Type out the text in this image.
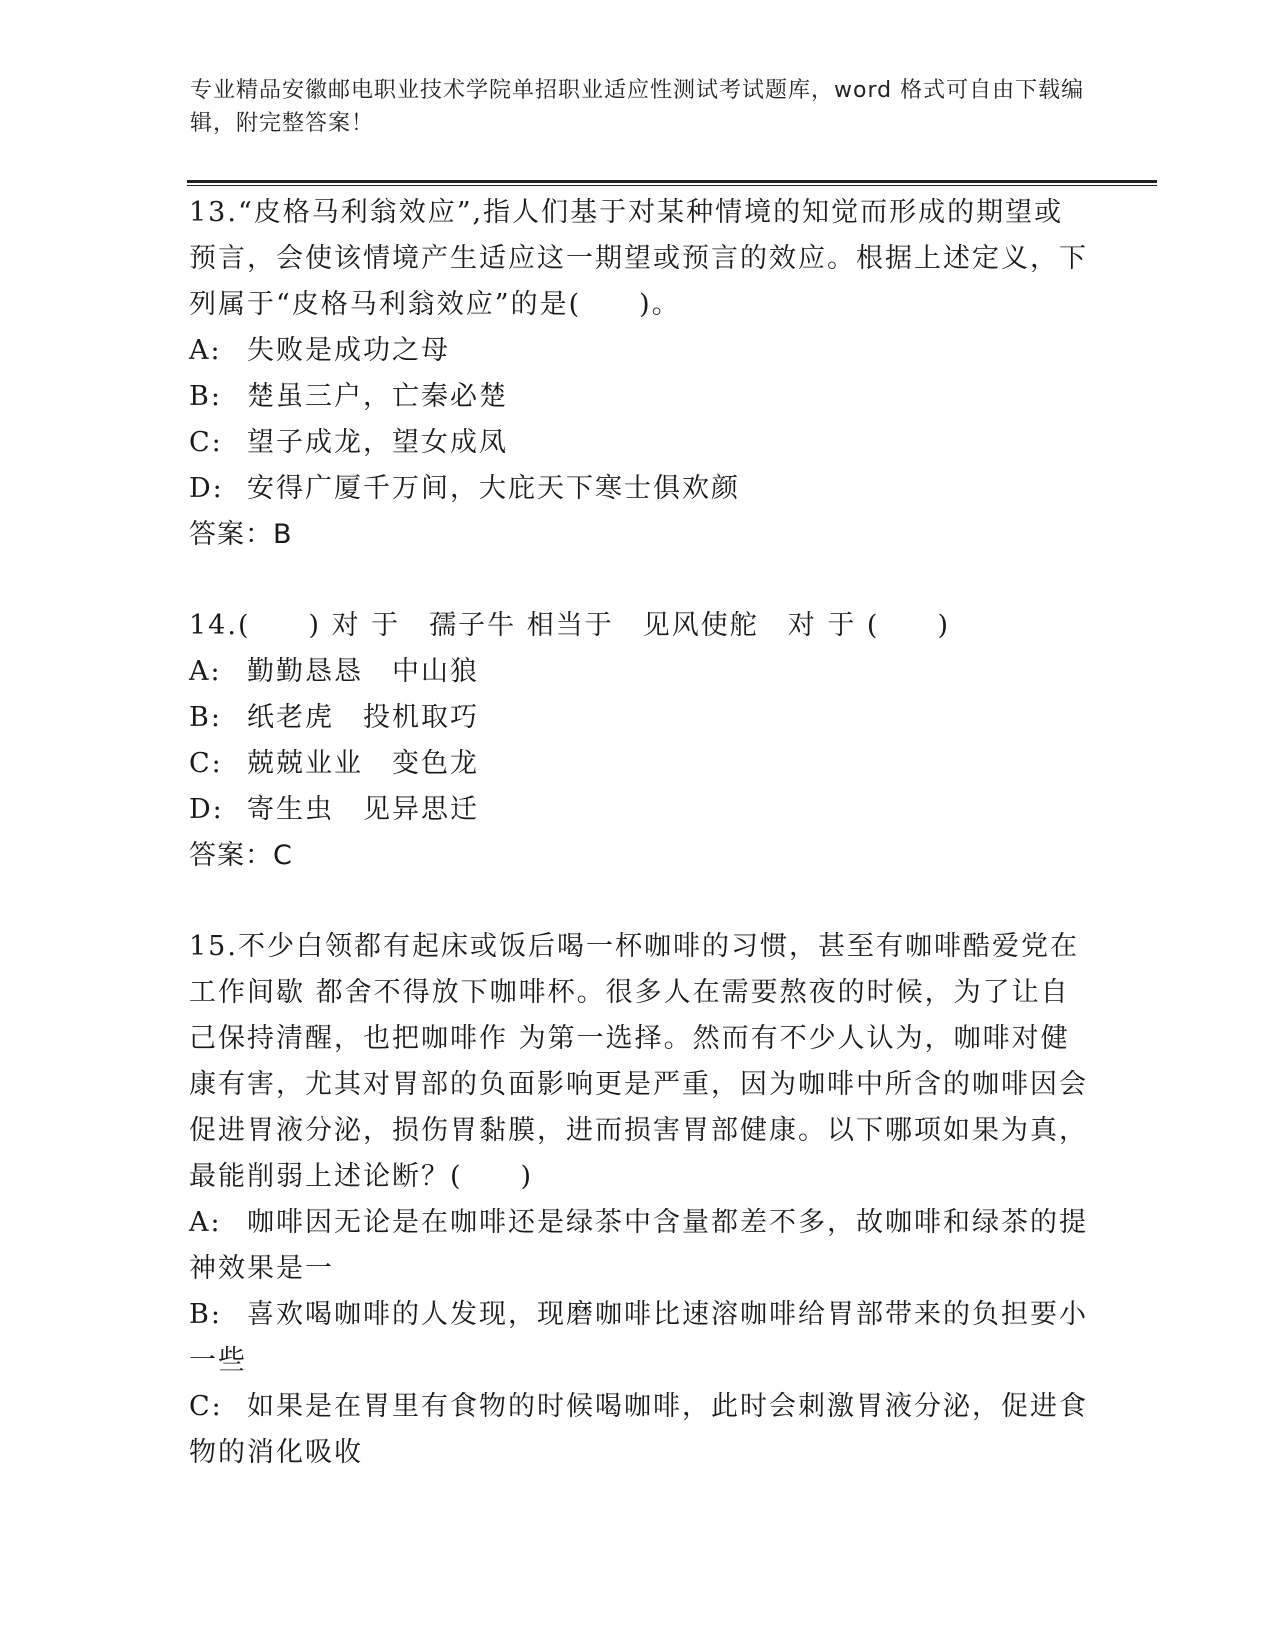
专业精品安徽邮电职业技术学院单招职业适应性测试考试题库，word 格式可自由下载编辑，附完整答案！

13.“皮格马利翁效应”,指人们基于对某种情境的知觉而形成的期望或预言，会使该情境产生适应这一期望或预言的效应。根据上述定义，下列属于“皮格马利翁效应”的是(　　)。

A: 失败是成功之母

B: 楚虽三户，亡秦必楚

C: 望子成龙，望女成凤

D: 安得广厦千万间，大庇天下寒士俱欢颜

答案：B

14.(　　) 对 于　孺子牛 相当于　见风使舵　对 于 (　　)

A: 勤勤恳恳　中山狼

B: 纸老虎　投机取巧

C: 兢兢业业　变色龙

D: 寄生虫　见异思迁

答案：C

15.不少白领都有起床或饭后喝一杯咖啡的习惯，甚至有咖啡酷爱党在工作间歇 都舍不得放下咖啡杯。很多人在需要熬夜的时候，为了让自己保持清醒，也把咖啡作 为第一选择。然而有不少人认为，咖啡对健康有害，尤其对胃部的负面影响更是严重，因为咖啡中所含的咖啡因会促进胃液分泌，损伤胃黏膜，进而损害胃部健康。以下哪项如果为真，最能削弱上述论断？(　　)

A: 咖啡因无论是在咖啡还是绿茶中含量都差不多，故咖啡和绿茶的提神效果是一

B: 喜欢喝咖啡的人发现，现磨咖啡比速溶咖啡给胃部带来的负担要小一些

C: 如果是在胃里有食物的时候喝咖啡，此时会刺激胃液分泌，促进食物的消化吸收
